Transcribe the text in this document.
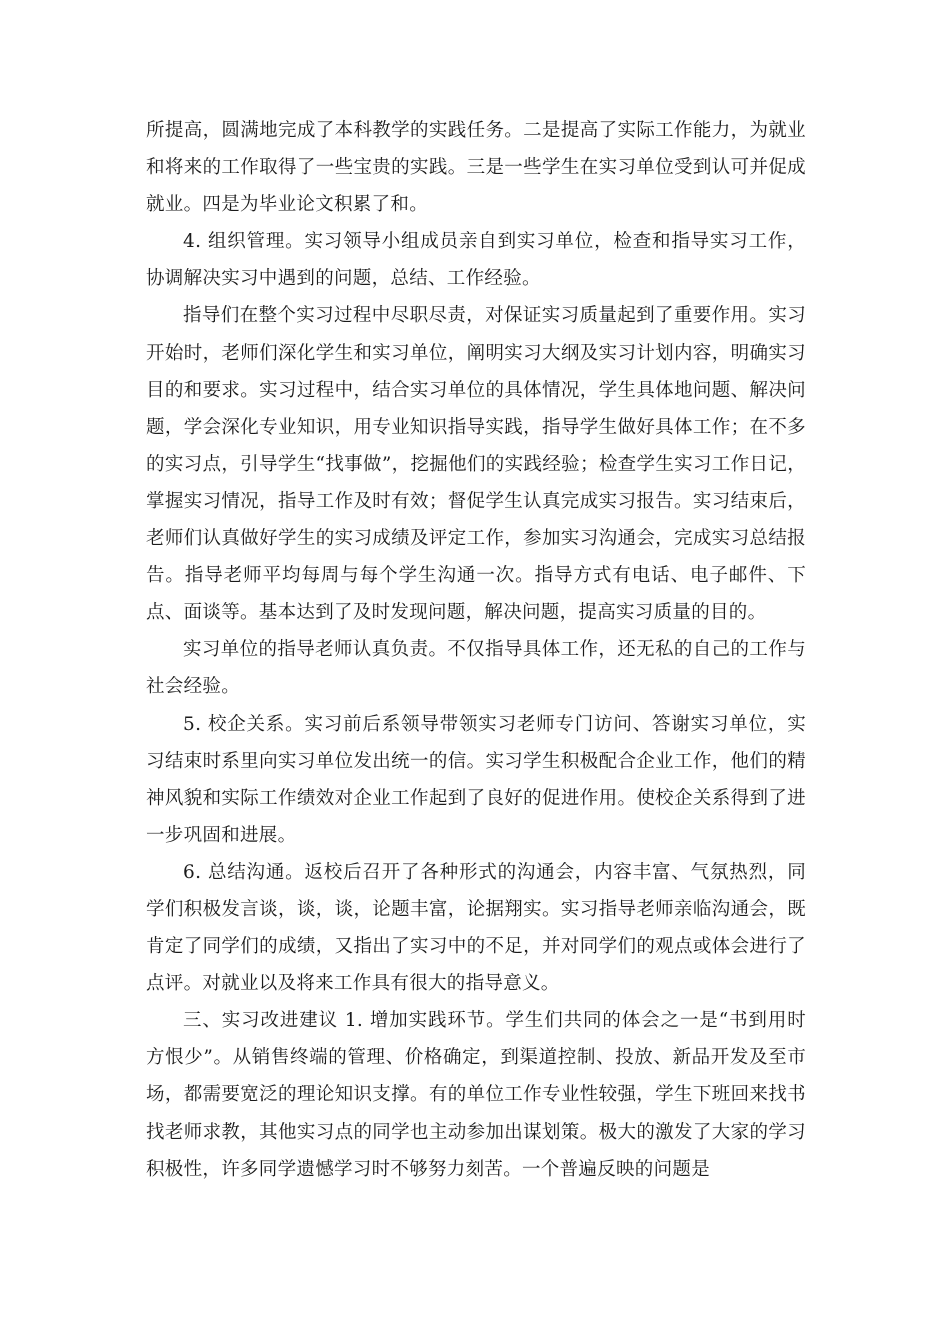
所提高，圆满地完成了本科教学的实践任务。二是提高了实际工作能力，为就业和将来的工作取得了一些宝贵的实践。三是一些学生在实习单位受到认可并促成就业。四是为毕业论文积累了和。

4. 组织管理。实习领导小组成员亲自到实习单位，检查和指导实习工作，协调解决实习中遇到的问题，总结、工作经验。

指导们在整个实习过程中尽职尽责，对保证实习质量起到了重要作用。实习开始时，老师们深化学生和实习单位，阐明实习大纲及实习计划内容，明确实习目的和要求。实习过程中，结合实习单位的具体情况，学生具体地问题、解决问题，学会深化专业知识，用专业知识指导实践，指导学生做好具体工作；在不多的实习点，引导学生“找事做”，挖掘他们的实践经验；检查学生实习工作日记，掌握实习情况，指导工作及时有效；督促学生认真完成实习报告。实习结束后，老师们认真做好学生的实习成绩及评定工作，参加实习沟通会，完成实习总结报告。指导老师平均每周与每个学生沟通一次。指导方式有电话、电子邮件、下点、面谈等。基本达到了及时发现问题，解决问题，提高实习质量的目的。

实习单位的指导老师认真负责。不仅指导具体工作，还无私的自己的工作与社会经验。

5. 校企关系。实习前后系领导带领实习老师专门访问、答谢实习单位，实习结束时系里向实习单位发出统一的信。实习学生积极配合企业工作，他们的精神风貌和实际工作绩效对企业工作起到了良好的促进作用。使校企关系得到了进一步巩固和进展。

6. 总结沟通。返校后召开了各种形式的沟通会，内容丰富、气氛热烈，同学们积极发言谈，谈，谈，论题丰富，论据翔实。实习指导老师亲临沟通会，既肯定了同学们的成绩，又指出了实习中的不足，并对同学们的观点或体会进行了点评。对就业以及将来工作具有很大的指导意义。

三、实习改进建议 1. 增加实践环节。学生们共同的体会之一是“书到用时方恨少”。从销售终端的管理、价格确定，到渠道控制、投放、新品开发及至市场，都需要宽泛的理论知识支撑。有的单位工作专业性较强，学生下班回来找书找老师求教，其他实习点的同学也主动参加出谋划策。极大的激发了大家的学习积极性，许多同学遗憾学习时不够努力刻苦。一个普遍反映的问题是
